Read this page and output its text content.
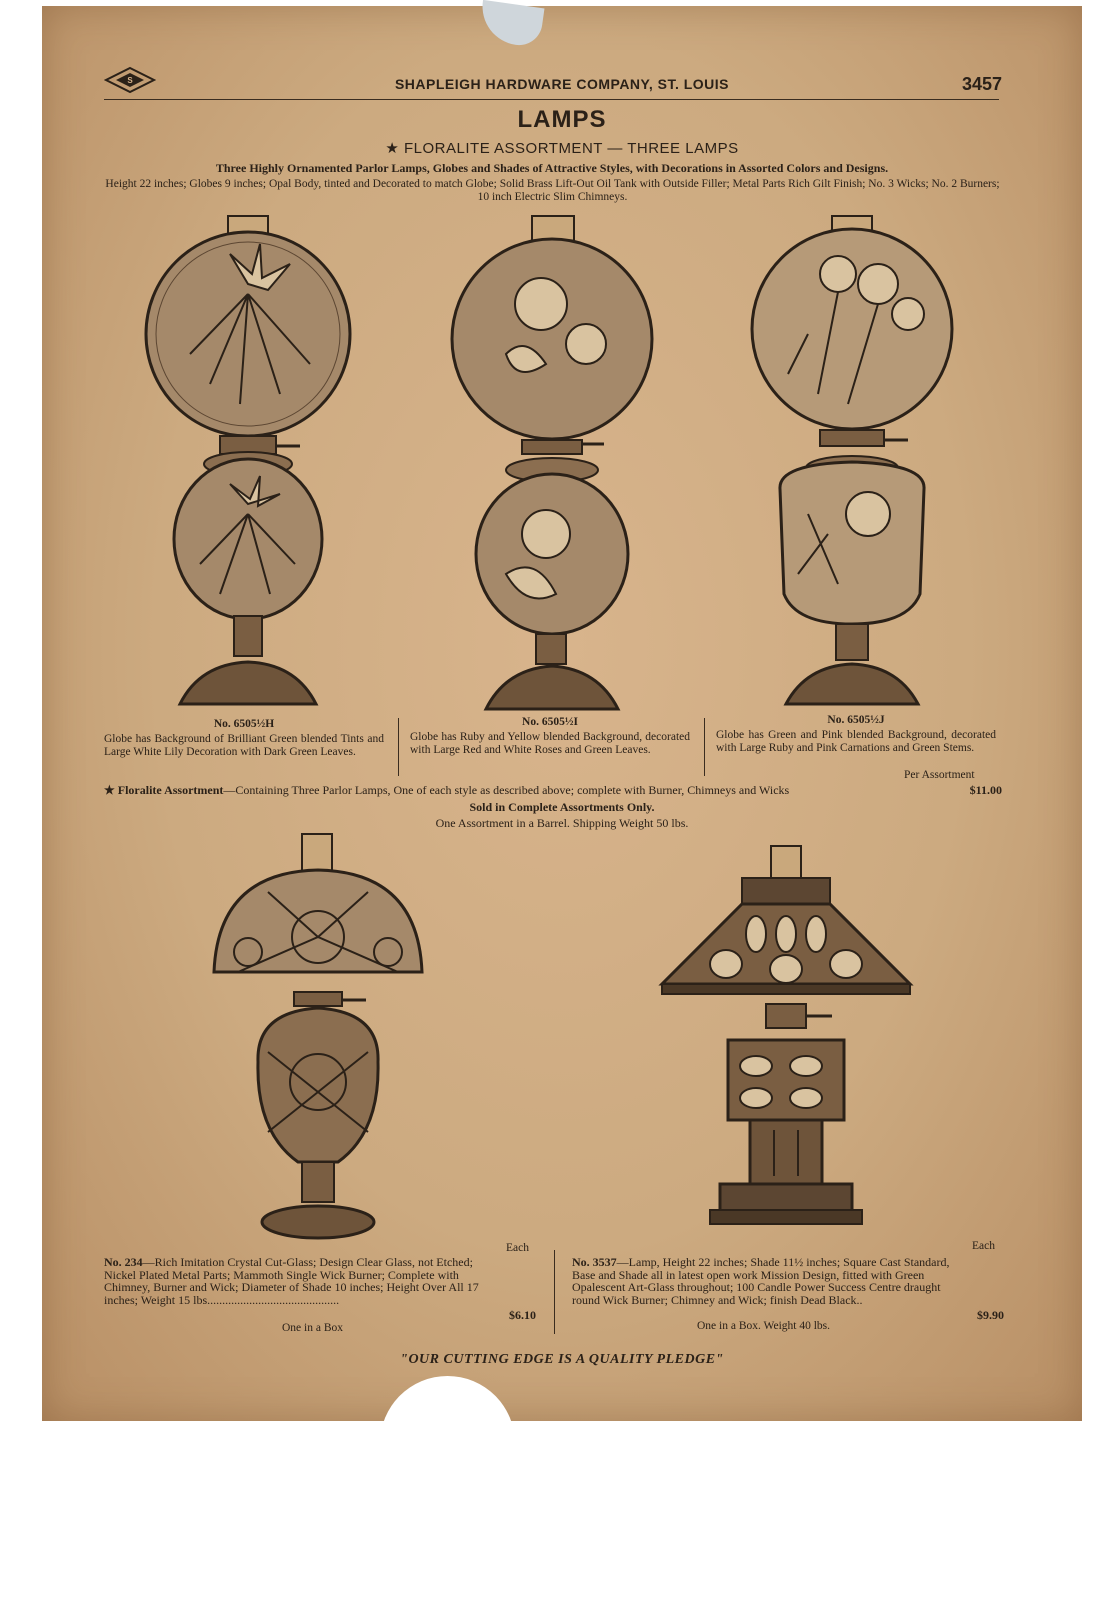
S	SHAPLEIGH HARDWARE COMPANY, ST. LOUIS	3457
LAMPS
★ FLORALITE ASSORTMENT — THREE LAMPS
Three Highly Ornamented Parlor Lamps, Globes and Shades of Attractive Styles, with Decorations in Assorted Colors and Designs.
Height 22 inches; Globes 9 inches; Opal Body, tinted and Decorated to match Globe; Solid Brass Lift-Out Oil Tank with Outside Filler; Metal Parts Rich Gilt Finish; No. 3 Wicks; No. 2 Burners; 10 inch Electric Slim Chimneys.
No. 6505½H
Globe has Background of Brilliant Green blended Tints and Large White Lily Decoration with Dark Green Leaves.
No. 6505½I
Globe has Ruby and Yellow blended Background, decorated with Large Red and White Roses and Green Leaves.
No. 6505½J
Globe has Green and Pink blended Background, decorated with Large Ruby and Pink Carnations and Green Stems.
Per Assortment
★ Floralite Assortment—Containing Three Parlor Lamps, One of each style as described above; complete with Burner, Chimneys and Wicks	$11.00
Sold in Complete Assortments Only.
One Assortment in a Barrel. Shipping Weight 50 lbs.
Each
No. 234—Rich Imitation Crystal Cut-Glass; Design Clear Glass, not Etched; Nickel Plated Metal Parts; Mammoth Single Wick Burner; Complete with Chimney, Burner and Wick; Diameter of Shade 10 inches; Height Over All 17 inches; Weight 15 lbs............................................
$6.10
One in a Box
Each
No. 3537—Lamp, Height 22 inches; Shade 11½ inches; Square Cast Standard, Base and Shade all in latest open work Mission Design, fitted with Green Opalescent Art-Glass throughout; 100 Candle Power Success Centre draught round Wick Burner; Chimney and Wick; finish Dead Black..
$9.90
One in a Box. Weight 40 lbs.
"OUR CUTTING EDGE IS A QUALITY PLEDGE"
